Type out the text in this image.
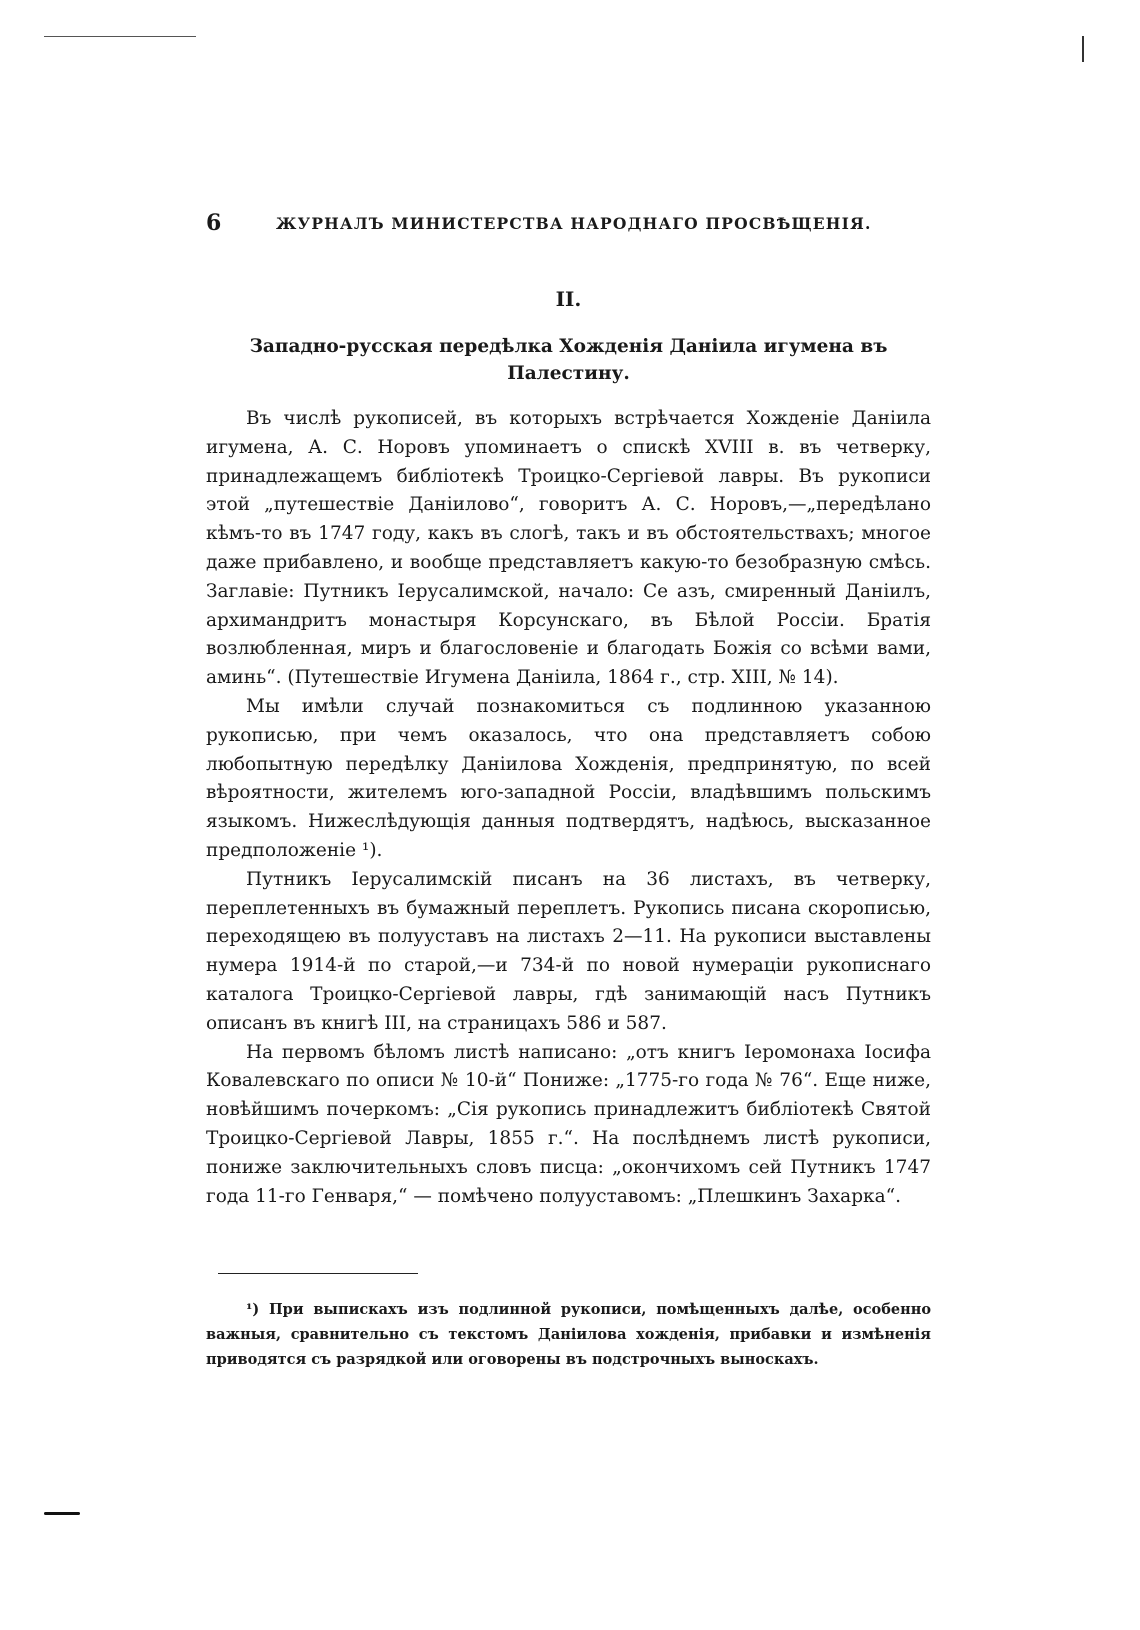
6	ЖУРНАЛЪ МИНИСТЕРСТВА НАРОДНАГО ПРОСВѢЩЕНІЯ.
II.
Западно-русская передѣлка Хожденія Даніила игумена въ Палестину.

Въ числѣ рукописей, въ которыхъ встрѣчается Хожденіе Даніила игумена, А. С. Норовъ упоминаетъ о спискѣ XVIII в. въ четверку, принадлежащемъ библіотекѣ Троицко-Сергіевой лавры. Въ рукописи этой „путешествіе Даніилово“, говоритъ А. С. Норовъ,—„передѣлано кѣмъ-то въ 1747 году, какъ въ слогѣ, такъ и въ обстоятельствахъ; многое даже прибавлено, и вообще представляетъ какую-то безобразную смѣсь. Заглавіе: Путникъ Іерусалимской, начало: Се азъ, смиренный Даніилъ, архимандритъ монастыря Корсунскаго, въ Бѣлой Россіи. Братія возлюбленная, миръ и благословеніе и благодать Божія со всѣми вами, аминь“. (Путешествіе Игумена Даніила, 1864 г., стр. XIII, № 14).

Мы имѣли случай познакомиться съ подлинною указанною рукописью, при чемъ оказалось, что она представляетъ собою любопытную передѣлку Даніилова Хожденія, предпринятую, по всей вѣроятности, жителемъ юго-западной Россіи, владѣвшимъ польскимъ языкомъ. Нижеслѣдующія данныя подтвердятъ, надѣюсь, высказанное предположеніе ¹).

Путникъ Іерусалимскій писанъ на 36 листахъ, въ четверку, переплетенныхъ въ бумажный переплетъ. Рукопись писана скорописью, переходящею въ полууставъ на листахъ 2—11. На рукописи выставлены нумера 1914-й по старой,—и 734-й по новой нумераціи рукописнаго каталога Троицко-Сергіевой лавры, гдѣ занимающій насъ Путникъ описанъ въ книгѣ III, на страницахъ 586 и 587.

На первомъ бѣломъ листѣ написано: „отъ книгъ Іеромонаха Іосифа Ковалевскаго по описи № 10-й“ Пониже: „1775-го года № 76“. Еще ниже, новѣйшимъ почеркомъ: „Сія рукопись принадлежитъ библіотекѣ Святой Троицко-Сергіевой Лавры, 1855 г.“. На послѣднемъ листѣ рукописи, пониже заключительныхъ словъ писца: „окончихомъ сей Путникъ 1747 года 11-го Генваря,“ — помѣчено полууставомъ: „Плешкинъ Захарка“.

¹) При выпискахъ изъ подлинной рукописи, помѣщенныхъ далѣе, особенно важныя, сравнительно съ текстомъ Даніилова хожденія, прибавки и измѣненія приводятся съ разрядкой или оговорены въ подстрочныхъ выноскахъ.
